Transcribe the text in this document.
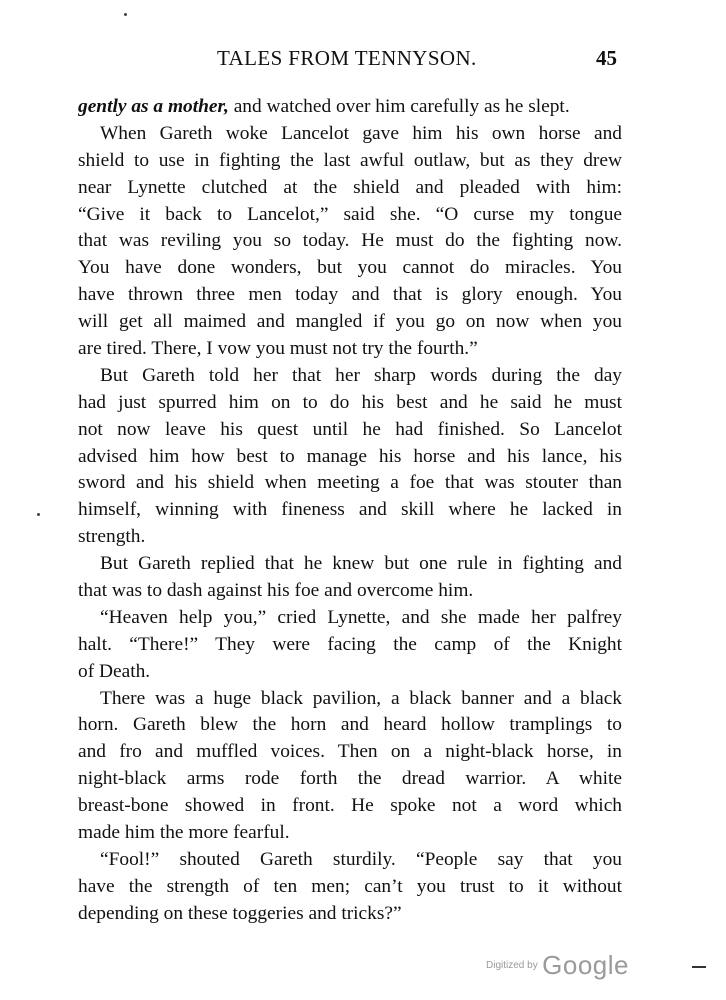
TALES FROM TENNYSON.	45
gently as a mother, and watched over him carefully as he slept.
When Gareth woke Lancelot gave him his own horse and
shield to use in fighting the last awful outlaw, but as they drew
near Lynette clutched at the shield and pleaded with him:
“Give it back to Lancelot,” said she. “O curse my tongue
that was reviling you so today. He must do the fighting now.
You have done wonders, but you cannot do miracles. You
have thrown three men today and that is glory enough. You
will get all maimed and mangled if you go on now when you
are tired. There, I vow you must not try the fourth.”
But Gareth told her that her sharp words during the day
had just spurred him on to do his best and he said he must
not now leave his quest until he had finished. So Lancelot
advised him how best to manage his horse and his lance, his
sword and his shield when meeting a foe that was stouter than
himself, winning with fineness and skill where he lacked in
strength.
But Gareth replied that he knew but one rule in fighting and
that was to dash against his foe and overcome him.
“Heaven help you,” cried Lynette, and she made her palfrey
halt. “There!” They were facing the camp of the Knight
of Death.
There was a huge black pavilion, a black banner and a black
horn. Gareth blew the horn and heard hollow tramplings to
and fro and muffled voices. Then on a night-black horse, in
night-black arms rode forth the dread warrior. A white
breast-bone showed in front. He spoke not a word which
made him the more fearful.
“Fool!” shouted Gareth sturdily. “People say that you
have the strength of ten men; can’t you trust to it without
depending on these toggeries and tricks?”
Digitized by Google
